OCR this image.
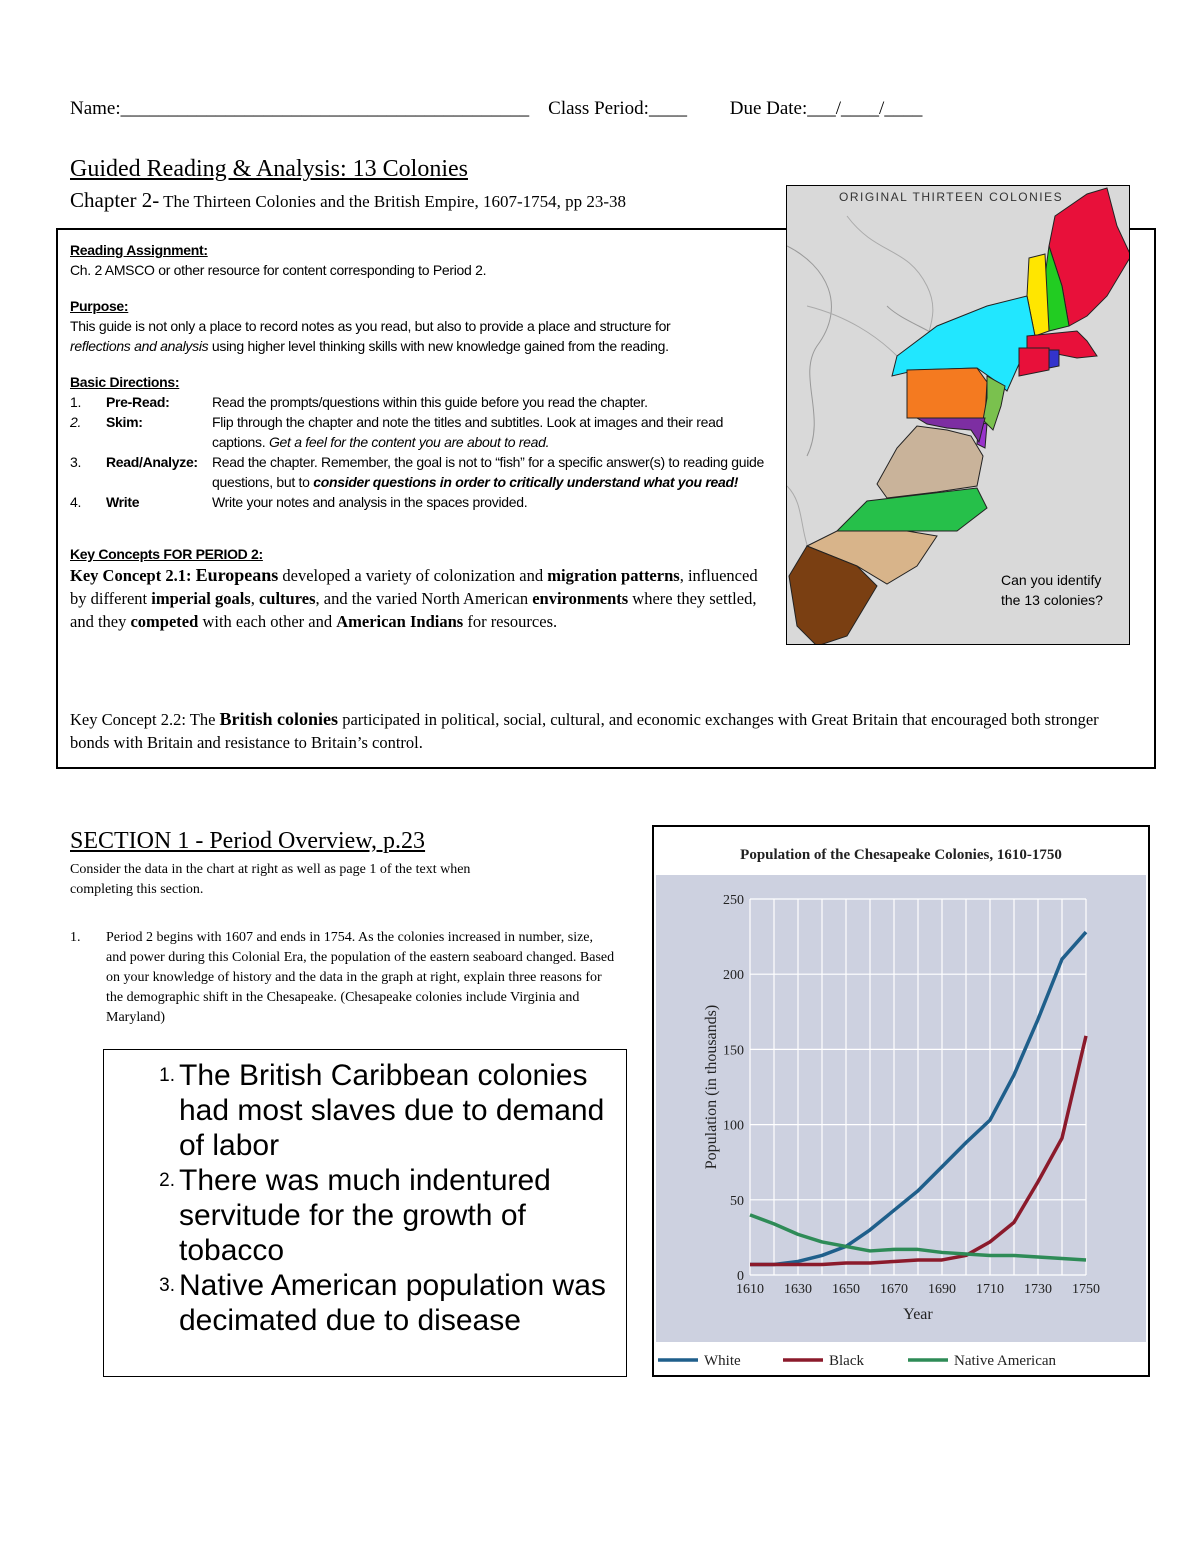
Name:___________________________________________ Class Period:____ Due Date:___/____/____
Guided Reading & Analysis: 13 Colonies
Chapter 2- The Thirteen Colonies and the British Empire, 1607-1754, pp 23-38
Reading Assignment:
Ch. 2 AMSCO or other resource for content corresponding to Period 2.
Purpose:
This guide is not only a place to record notes as you read, but also to provide a place and structure for
reflections and analysis using higher level thinking skills with new knowledge gained from the reading.
Basic Directions:
1.	Pre-Read:	Read the prompts/questions within this guide before you read the chapter.
2.	Skim:	Flip through the chapter and note the titles and subtitles. Look at images and their read captions. Get a feel for the content you are about to read.
3.	Read/Analyze:	Read the chapter. Remember, the goal is not to “fish” for a specific answer(s) to reading guide questions, but to consider questions in order to critically understand what you read!
4.	Write	Write your notes and analysis in the spaces provided.
Key Concepts FOR PERIOD 2:
Key Concept 2.1: Europeans developed a variety of colonization and migration patterns, influenced by different imperial goals, cultures, and the varied North American environments where they settled, and they competed with each other and American Indians for resources.
Key Concept 2.2: The British colonies participated in political, social, cultural, and economic exchanges with Great Britain that encouraged both stronger bonds with Britain and resistance to Britain’s control.
ORIGINAL THIRTEEN COLONIES
Can you identify the 13 colonies?
SECTION 1 - Period Overview, p.23
Consider the data in the chart at right as well as page 1 of the text when completing this section.
1.	Period 2 begins with 1607 and ends in 1754. As the colonies increased in number, size, and power during this Colonial Era, the population of the eastern seaboard changed. Based on your knowledge of history and the data in the graph at right, explain three reasons for the demographic shift in the Chesapeake. (Chesapeake colonies include Virginia and Maryland)
1. The British Caribbean colonies had most slaves due to demand of labor
2. There was much indentured servitude for the growth of tobacco
3. Native American population was decimated due to disease
Population of the Chesapeake Colonies, 1610-1750
0
50
100
150
200
250
1610 1630 1650 1670 1690 1710 1730 1750
Year
Population (in thousands)
White	Black	Native American
